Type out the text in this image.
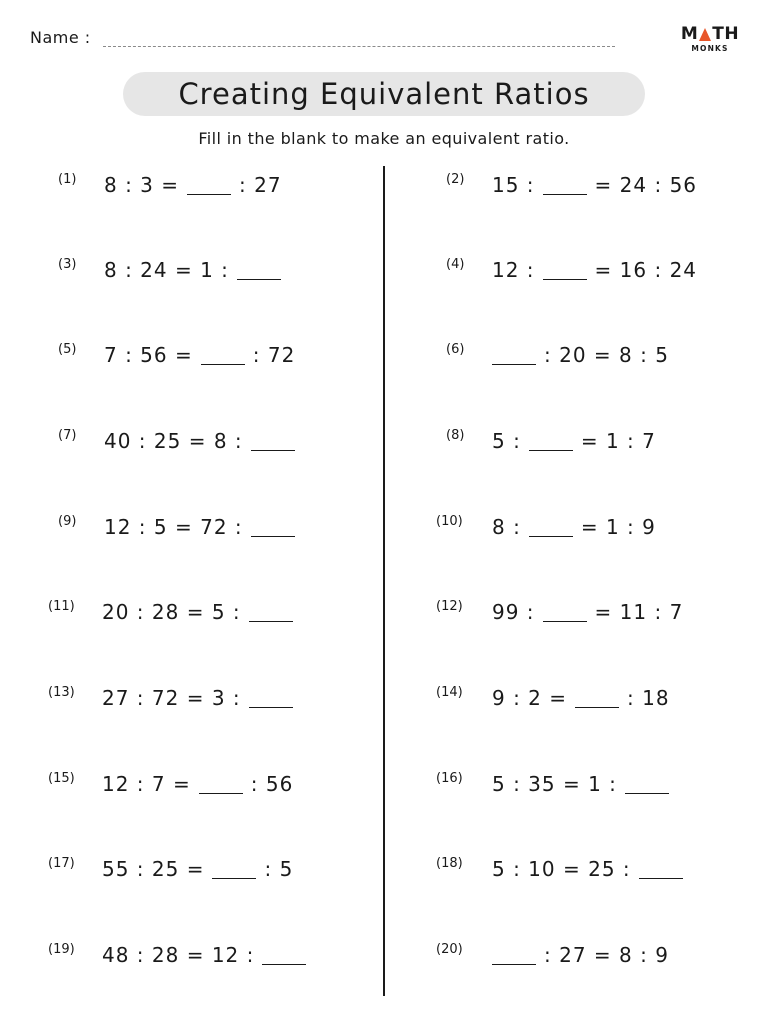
Name :	M TH
MONKS
Creating Equivalent Ratios
Fill in the blank to make an equivalent ratio.
(1)	8 : 3 =	: 27
(3)	8 : 24 = 1 :
(5)	7 : 56 =	: 72
(7)	40 : 25 = 8 :
(9)	12 : 5 = 72 :
(11)	20 : 28 = 5 :
(13)	27 : 72 = 3 :
(15)	12 : 7 =	: 56
(17)	55 : 25 =	: 5
(19)	48 : 28 = 12 :
(2)	15 :	= 24 : 56
(4)	12 :	= 16 : 24
(6)	: 20 = 8 : 5
(8)	5 :	= 1 : 7
(10)	8 :	= 1 : 9
(12)	99 :	= 11 : 7
(14)	9 : 2 =	: 18
(16)	5 : 35 = 1 :
(18)	5 : 10 = 25 :
(20)	: 27 = 8 : 9
